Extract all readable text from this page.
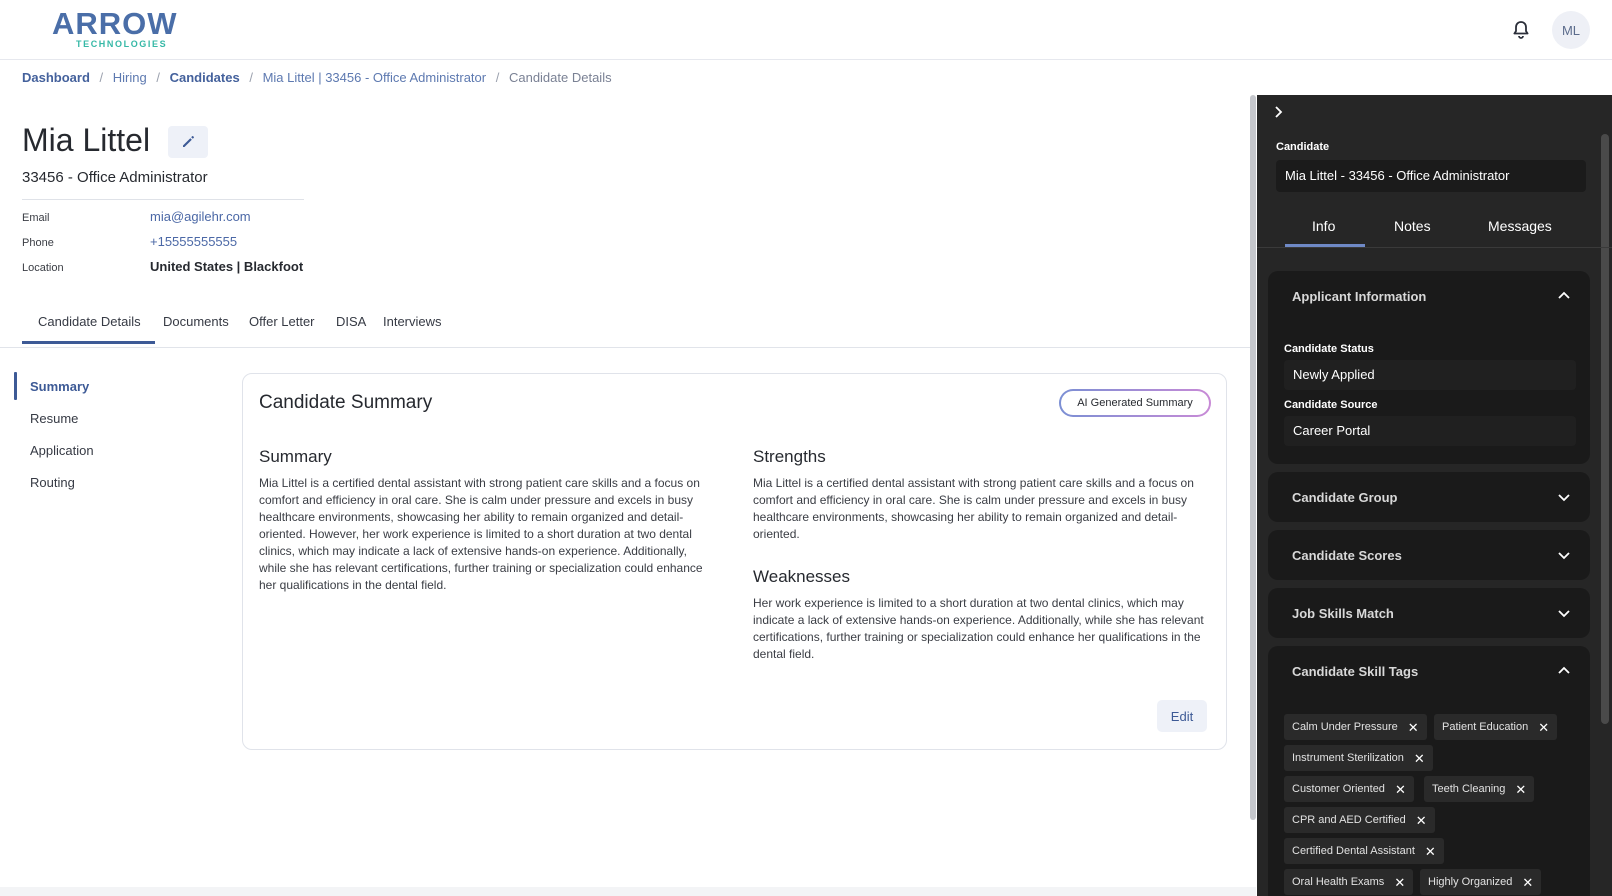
ARROW
TECHNOLOGIES
ML
Dashboard / Hiring / Candidates / Mia Littel | 33456 - Office Administrator / Candidate Details
Mia Littel
33456 - Office Administrator
Email	mia@agilehr.com
Phone	+15555555555
Location	United States | Blackfoot
Candidate Details Documents Offer Letter DISA Interviews
Summary
Resume
Application
Routing
Candidate Summary	AI Generated Summary
Summary
Mia Littel is a certified dental assistant with strong patient care skills and a focus on comfort and efficiency in oral care. She is calm under pressure and excels in busy healthcare environments, showcasing her ability to remain organized and detail-oriented. However, her work experience is limited to a short duration at two dental clinics, which may indicate a lack of extensive hands-on experience. Additionally, while she has relevant certifications, further training or specialization could enhance her qualifications in the dental field.
Strengths
Mia Littel is a certified dental assistant with strong patient care skills and a focus on comfort and efficiency in oral care. She is calm under pressure and excels in busy healthcare environments, showcasing her ability to remain organized and detail-oriented.
Weaknesses
Her work experience is limited to a short duration at two dental clinics, which may indicate a lack of extensive hands-on experience. Additionally, while she has relevant certifications, further training or specialization could enhance her qualifications in the dental field.
Edit
Candidate
Mia Littel - 33456 - Office Administrator
Info	Notes	Messages
Applicant Information
Candidate Status
Newly Applied
Candidate Source
Career Portal
Candidate Group
Candidate Scores
Job Skills Match
Candidate Skill Tags
Calm Under Pressure ✕ Patient Education ✕
Instrument Sterilization ✕
Customer Oriented ✕ Teeth Cleaning ✕
CPR and AED Certified ✕
Certified Dental Assistant ✕
Oral Health Exams ✕ Highly Organized ✕
